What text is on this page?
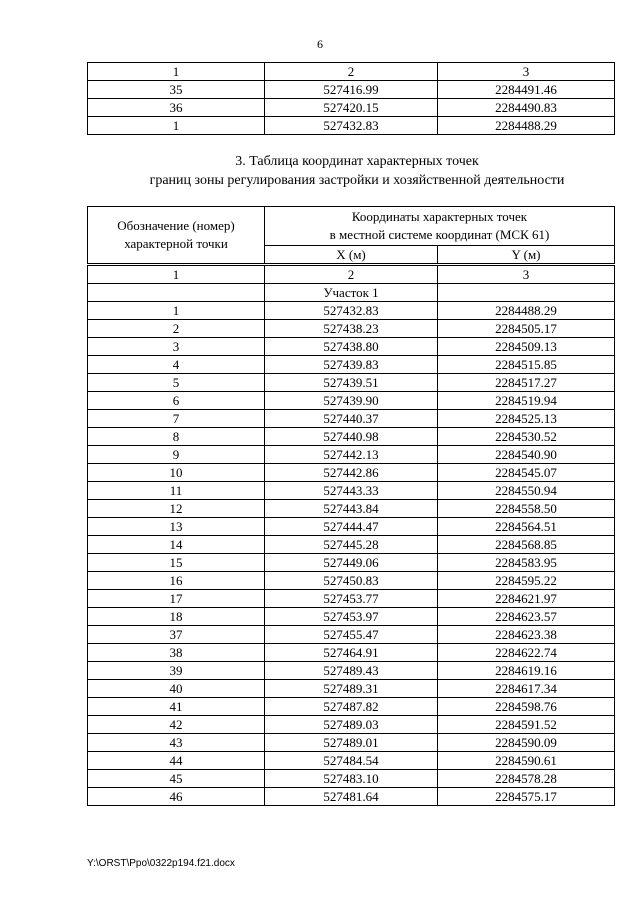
6
1	2	3
35	527416.99	2284491.46
36	527420.15	2284490.83
1	527432.83	2284488.29
3. Таблица координат характерных точек
границ зоны регулирования застройки и хозяйственной деятельности
Обозначение (номер) характерной точки	Координаты характерных точек
в местной системе координат (МСК 61)	

	X (м)	Y (м)
1	2	3
	Участок 1	
1	527432.83	2284488.29
2	527438.23	2284505.17
3	527438.80	2284509.13
4	527439.83	2284515.85
5	527439.51	2284517.27
6	527439.90	2284519.94
7	527440.37	2284525.13
8	527440.98	2284530.52
9	527442.13	2284540.90
10	527442.86	2284545.07
11	527443.33	2284550.94
12	527443.84	2284558.50
13	527444.47	2284564.51
14	527445.28	2284568.85
15	527449.06	2284583.95
16	527450.83	2284595.22
17	527453.77	2284621.97
18	527453.97	2284623.57
37	527455.47	2284623.38
38	527464.91	2284622.74
39	527489.43	2284619.16
40	527489.31	2284617.34
41	527487.82	2284598.76
42	527489.03	2284591.52
43	527489.01	2284590.09
44	527484.54	2284590.61
45	527483.10	2284578.28
46	527481.64	2284575.17
Y:\ORST\Ppo\0322p194.f21.docx
